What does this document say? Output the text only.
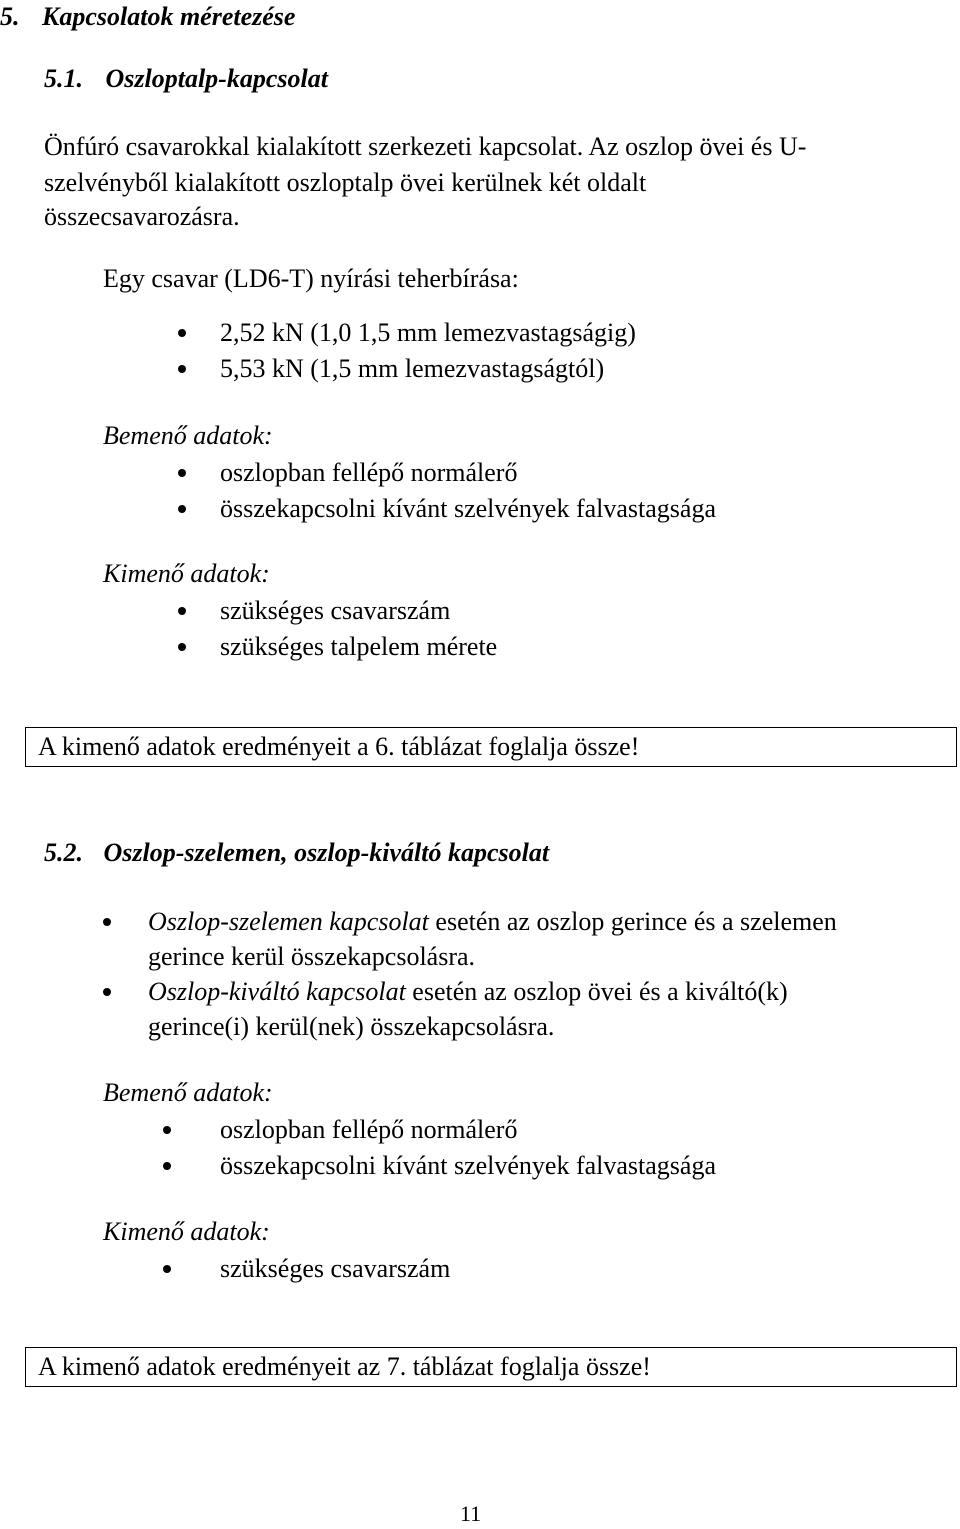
5. Kapcsolatok méretezése
5.1. Oszloptalp-kapcsolat
Önfúró csavarokkal kialakított szerkezeti kapcsolat. Az oszlop övei és U-
szelvényből kialakított oszloptalp övei kerülnek két oldalt
összecsavarozásra.
Egy csavar (LD6-T) nyírási teherbírása:
2,52 kN (1,0 1,5 mm lemezvastagságig)
5,53 kN (1,5 mm lemezvastagságtól)
Bemenő adatok:
oszlopban fellépő normálerő
összekapcsolni kívánt szelvények falvastagsága
Kimenő adatok:
szükséges csavarszám
szükséges talpelem mérete
A kimenő adatok eredményeit a 6. táblázat foglalja össze!
5.2. Oszlop-szelemen, oszlop-kiváltó kapcsolat
Oszlop-szelemen kapcsolat esetén az oszlop gerince és a szelemen
gerince kerül összekapcsolásra.
Oszlop-kiváltó kapcsolat esetén az oszlop övei és a kiváltó(k)
gerince(i) kerül(nek) összekapcsolásra.
Bemenő adatok:
oszlopban fellépő normálerő
összekapcsolni kívánt szelvények falvastagsága
Kimenő adatok:
szükséges csavarszám
A kimenő adatok eredményeit az 7. táblázat foglalja össze!
11
